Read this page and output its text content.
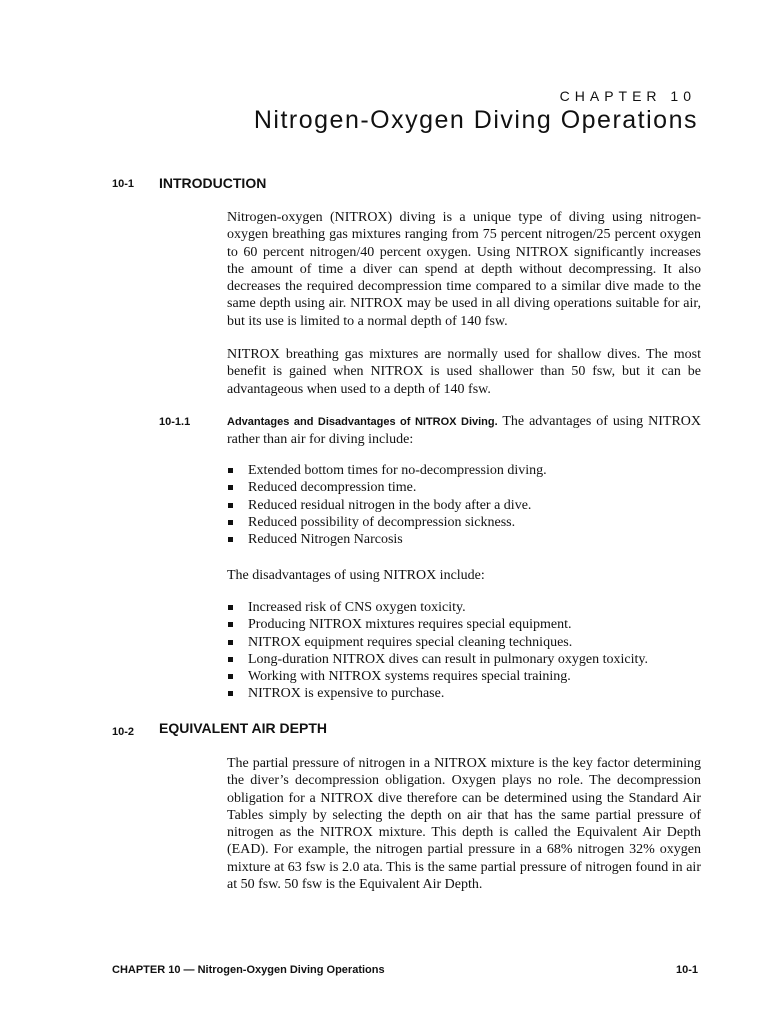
CHAPTER 10
Nitrogen-Oxygen Diving Operations
10-1 INTRODUCTION

Nitrogen-oxygen (NITROX) diving is a unique type of diving using nitrogen-oxygen breathing gas mixtures ranging from 75 percent nitrogen/25 percent oxygen to 60 percent nitrogen/40 percent oxygen. Using NITROX significantly increases the amount of time a diver can spend at depth without decompressing. It also decreases the required decompression time compared to a similar dive made to the same depth using air. NITROX may be used in all diving operations suitable for air, but its use is limited to a normal depth of 140 fsw.

NITROX breathing gas mixtures are normally used for shallow dives. The most benefit is gained when NITROX is used shallower than 50 fsw, but it can be advantageous when used to a depth of 140 fsw.

10-1.1	Advantages and Disadvantages of NITROX Diving. The advantages of using NITROX rather than air for diving include:

Extended bottom times for no-decompression diving.
Reduced decompression time.
Reduced residual nitrogen in the body after a dive.
Reduced possibility of decompression sickness.
Reduced Nitrogen Narcosis

The disadvantages of using NITROX include:

Increased risk of CNS oxygen toxicity.
Producing NITROX mixtures requires special equipment.
NITROX equipment requires special cleaning techniques.
Long-duration NITROX dives can result in pulmonary oxygen toxicity.
Working with NITROX systems requires special training.
NITROX is expensive to purchase.
10-2 EQUIVALENT AIR DEPTH

The partial pressure of nitrogen in a NITROX mixture is the key factor determining the diver’s decompression obligation. Oxygen plays no role. The decompression obligation for a NITROX dive therefore can be determined using the Standard Air Tables simply by selecting the depth on air that has the same partial pressure of nitrogen as the NITROX mixture. This depth is called the Equivalent Air Depth (EAD). For example, the nitrogen partial pressure in a 68% nitrogen 32% oxygen mixture at 63 fsw is 2.0 ata. This is the same partial pressure of nitrogen found in air at 50 fsw. 50 fsw is the Equivalent Air Depth.

CHAPTER 10 — Nitrogen-Oxygen Diving Operations	10-1
